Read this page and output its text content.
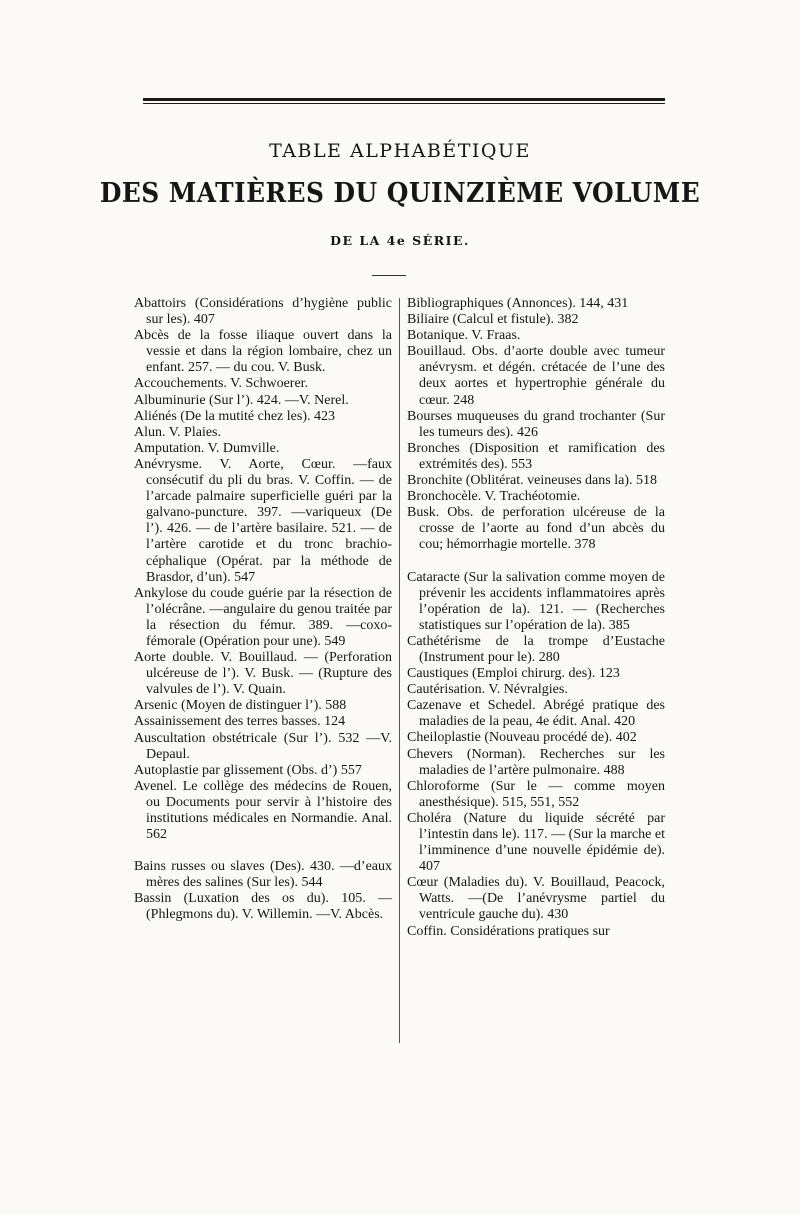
TABLE ALPHABÉTIQUE
DES MATIÈRES DU QUINZIÈME VOLUME
DE LA 4e SÉRIE.
Abattoirs (Considérations d’hygiène public sur les). 407
Abcès de la fosse iliaque ouvert dans la vessie et dans la région lombaire, chez un enfant. 257. — du cou. V. Busk.
Accouchements. V. Schwoerer.
Albuminurie (Sur l’). 424. —V. Nerel.
Aliénés (De la mutité chez les). 423
Alun. V. Plaies.
Amputation. V. Dumville.
Anévrysme. V. Aorte, Cœur. —faux consécutif du pli du bras. V. Coffin. — de l’arcade palmaire superficielle guéri par la galvano-puncture. 397. —variqueux (De l’). 426. — de l’artère basilaire. 521. — de l’artère carotide et du tronc brachio-céphalique (Opérat. par la méthode de Brasdor, d’un). 547
Ankylose du coude guérie par la résection de l’olécrâne. —angulaire du genou traitée par la résection du fémur. 389. —coxo-fémorale (Opération pour une). 549
Aorte double. V. Bouillaud. — (Perforation ulcéreuse de l’). V. Busk. — (Rupture des valvules de l’). V. Quain.
Arsenic (Moyen de distinguer l’). 588
Assainissement des terres basses. 124
Auscultation obstétricale (Sur l’). 532 —V. Depaul.
Autoplastie par glissement (Obs. d’) 557
Avenel. Le collège des médecins de Rouen, ou Documents pour servir à l’histoire des institutions médicales en Normandie. Anal. 562
Bains russes ou slaves (Des). 430. —d’eaux mères des salines (Sur les). 544
Bassin (Luxation des os du). 105. — (Phlegmons du). V. Willemin. —V. Abcès.
Bibliographiques (Annonces). 144, 431
Biliaire (Calcul et fistule). 382
Botanique. V. Fraas.
Bouillaud. Obs. d’aorte double avec tumeur anévrysm. et dégén. crétacée de l’une des deux aortes et hypertrophie générale du cœur. 248
Bourses muqueuses du grand trochanter (Sur les tumeurs des). 426
Bronches (Disposition et ramification des extrémités des). 553
Bronchite (Oblitérat. veineuses dans la). 518
Bronchocèle. V. Trachéotomie.
Busk. Obs. de perforation ulcéreuse de la crosse de l’aorte au fond d’un abcès du cou; hémorrhagie mortelle. 378
Cataracte (Sur la salivation comme moyen de prévenir les accidents inflammatoires après l’opération de la). 121. — (Recherches statistiques sur l’opération de la). 385
Cathétérisme de la trompe d’Eustache (Instrument pour le). 280
Caustiques (Emploi chirurg. des). 123
Cautérisation. V. Névralgies.
Cazenave et Schedel. Abrégé pratique des maladies de la peau, 4e édit. Anal. 420
Cheiloplastie (Nouveau procédé de). 402
Chevers (Norman). Recherches sur les maladies de l’artère pulmonaire. 488
Chloroforme (Sur le — comme moyen anesthésique). 515, 551, 552
Choléra (Nature du liquide sécrété par l’intestin dans le). 117. — (Sur la marche et l’imminence d’une nouvelle épidémie de). 407
Cœur (Maladies du). V. Bouillaud, Peacock, Watts. —(De l’anévrysme partiel du ventricule gauche du). 430
Coffin. Considérations pratiques sur
